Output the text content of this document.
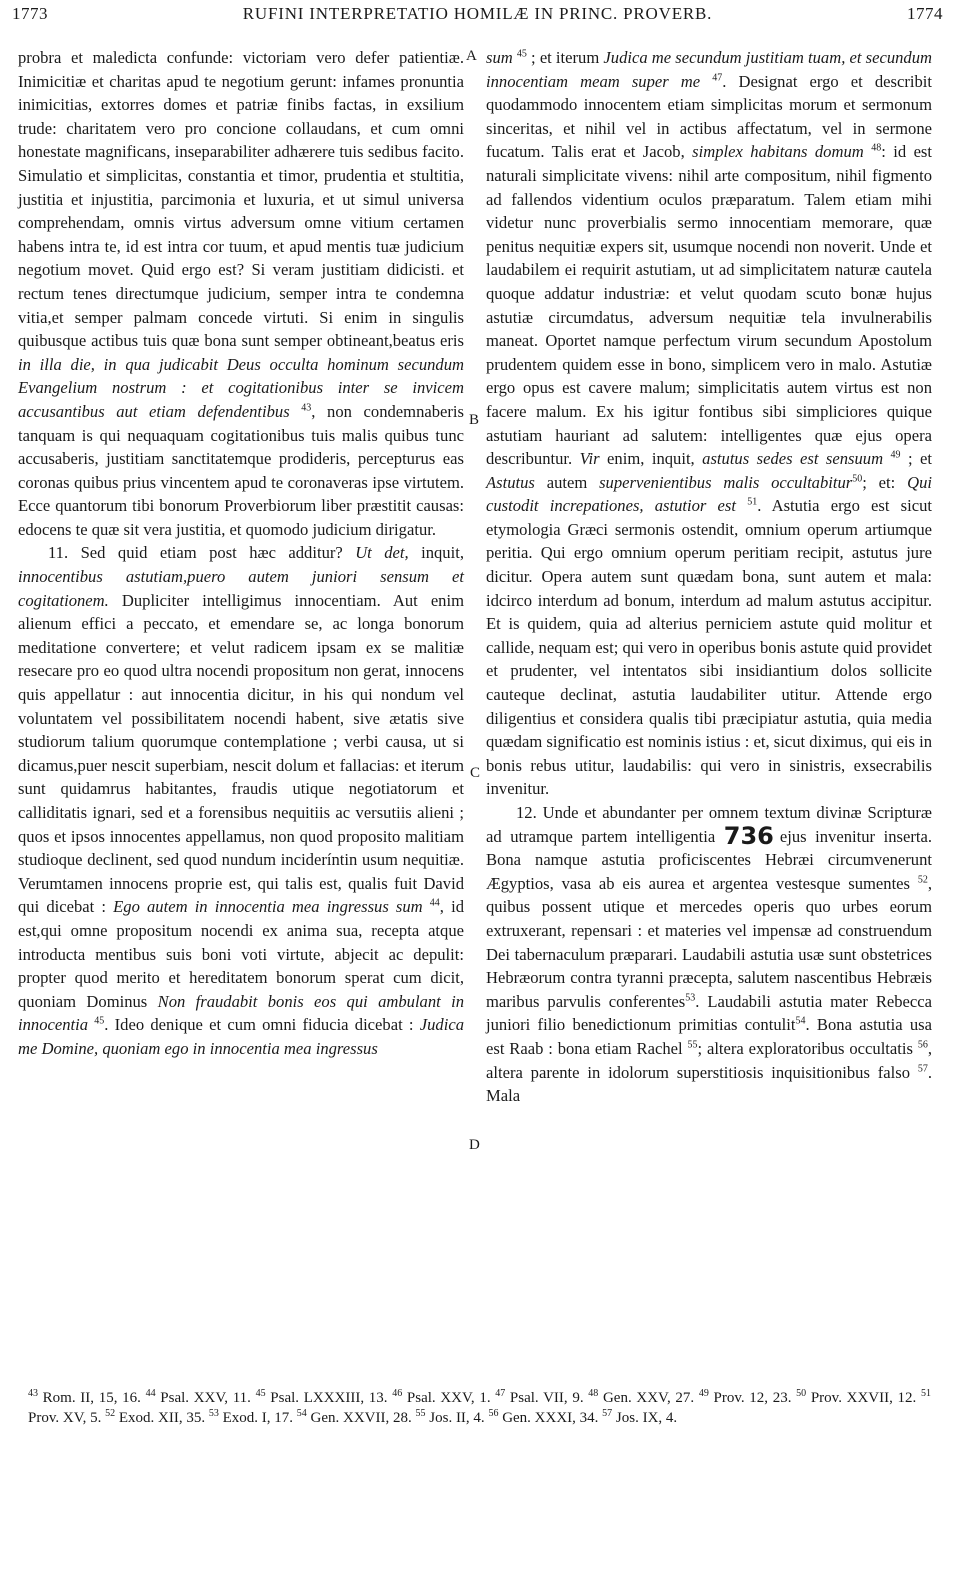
1773	RUFINI INTERPRETATIO HOMILÆ IN PRINC. PROVERB.	1774
A
B
C
D

probra et maledicta confunde: victoriam vero defer patientiæ. Inimicitiæ et charitas apud te negotium gerunt: infames pronuntia inimicitias, extorres domes et patriæ finibs factas, in exsilium trude: charitatem vero pro concione collaudans, et cum omni honestate magnificans, inseparabiliter adhærere tuis sedibus facito. Simulatio et simplicitas, constantia et timor, prudentia et stultitia, justitia et injustitia, parcimonia et luxuria, et ut simul universa comprehendam, omnis virtus adversum omne vitium certamen habens intra te, id est intra cor tuum, et apud mentis tuæ judicium negotium movet. Quid ergo est? Si veram justitiam didicisti. et rectum tenes directumque judicium, semper intra te condemna vitia,et semper palmam concede virtuti. Si enim in singulis quibusque actibus tuis quæ bona sunt semper obtineant,beatus eris in illa die, in qua judicabit Deus occulta hominum secundum Evangelium nostrum : et cogitationibus inter se invicem accusantibus aut etiam defendentibus $^{43}$, non condemnaberis tanquam is qui nequaquam cogitationibus tuis malis quibus tunc accusaberis, justitiam sanctitatemque prodideris, percepturus eas coronas quibus prius vincentem apud te coronaveras ipse virtutem. Ecce quantorum tibi bonorum Proverbiorum liber præstitit causas: edocens te quæ sit vera justitia, et quomodo judicium dirigatur.

11. Sed quid etiam post hæc additur? Ut det, inquit, innocentibus astutiam,puero autem juniori sensum et cogitationem. Dupliciter intelligimus innocentiam. Aut enim alienum effici a peccato, et emendare se, ac longa bonorum meditatione convertere; et velut radicem ipsam ex se malitiæ resecare pro eo quod ultra nocendi propositum non gerat, innocens quis appellatur : aut innocentia dicitur, in his qui nondum vel voluntatem vel possibilitatem nocendi habent, sive ætatis sive studiorum talium quorumque contemplatione ; verbi causa, ut si dicamus,puer nescit superbiam, nescit dolum et fallacias: et iterum sunt quidamrus habitantes, fraudis utique negotiatorum et calliditatis ignari, sed et a forensibus nequitiis ac versutiis alieni ; quos et ipsos innocentes appellamus, non quod proposito malitiam studioque declinent, sed quod nundum incideríntin usum nequitiæ. Verumtamen innocens proprie est, qui talis est, qualis fuit David qui dicebat : Ego autem in innocentia mea ingressus sum $^{44}$, id est,qui omne propositum nocendi ex anima sua, recepta atque introducta mentibus suis boni voti virtute, abjecit ac depulit: propter quod merito et hereditatem bonorum sperat cum dicit, quoniam Dominus Non fraudabit bonis eos qui ambulant in innocentia $^{45}$. Ideo denique et cum omni fiducia dicebat : Judica me Domine, quoniam ego in innocentia mea ingressus

sum $^{45}$ ; et iterum Judica me secundum justitiam tuam, et secundum innocentiam meam super me $^{47}$. Designat ergo et describit quodammodo innocentem etiam simplicitas morum et sermonum sinceritas, et nihil vel in actibus affectatum, vel in sermone fucatum. Talis erat et Jacob, simplex habitans domum $^{48}$: id est naturali simplicitate vivens: nihil arte compositum, nihil figmento ad fallendos videntium oculos præparatum. Talem etiam mihi videtur nunc proverbialis sermo innocentiam memorare, quæ penitus nequitiæ expers sit, usumque nocendi non noverit. Unde et laudabilem ei requirit astutiam, ut ad simplicitatem naturæ cautela quoque addatur industriæ: et velut quodam scuto bonæ hujus astutiæ circumdatus, adversum nequitiæ tela invulnerabilis maneat. Oportet namque perfectum virum secundum Apostolum prudentem quidem esse in bono, simplicem vero in malo. Astutiæ ergo opus est cavere malum; simplicitatis autem virtus est non facere malum. Ex his igitur fontibus sibi simpliciores quique astutiam hauriant ad salutem: intelligentes quæ ejus opera describuntur. Vir enim, inquit, astutus sedes est sensuum $^{49}$ ; et Astutus autem supervenientibus malis occultabitur$^{50}$; et: Qui custodit increpationes, astutior est $^{51}$. Astutia ergo est sicut etymologia Græci sermonis ostendit, omnium operum artiumque peritia. Qui ergo omnium operum peritiam recipit, astutus jure dicitur. Opera autem sunt quædam bona, sunt autem et mala: idcirco interdum ad bonum, interdum ad malum astutus accipitur. Et is quidem, quia ad alterius perniciem astute quid molitur et callide, nequam est; qui vero in operibus bonis astute quid providet et prudenter, vel intentatos sibi insidiantium dolos sollicite cauteque declinat, astutia laudabiliter utitur. Attende ergo diligentius et considera qualis tibi præcipiatur astutia, quia media quædam significatio est nominis istius : et, sicut diximus, qui eis in bonis rebus utitur, laudabilis: qui vero in sinistris, exsecrabilis invenitur.

12. Unde et abundanter per omnem textum divinæ Scripturæ ad utramque partem intelligentia 736 ejus invenitur inserta. Bona namque astutia proficiscentes Hebræi circumvenerunt Ægyptios, vasa ab eis aurea et argentea vestesque sumentes $^{52}$, quibus possent utique et mercedes operis quo urbes eorum extruxerant, repensari : et materies vel impensæ ad construendum Dei tabernaculum præparari. Laudabili astutia usæ sunt obstetrices Hebræorum contra tyranni præcepta, salutem nascentibus Hebræis maribus parvulis conferentes$^{53}$. Laudabili astutia mater Rebecca juniori filio benedictionum primitias contulit$^{54}$. Bona astutia usa est Raab : bona etiam Rachel $^{55}$; altera exploratoribus occultatis $^{56}$, altera parente in idolorum superstitiosis inquisitionibus falso $^{57}$. Mala

$^{43}$ Rom. II, 15, 16. $^{44}$ Psal. XXV, 11. $^{45}$ Psal. LXXXIII, 13. $^{46}$ Psal. XXV, 1. $^{47}$ Psal. VII, 9. $^{48}$ Gen. XXV, 27. $^{49}$ Prov. 12, 23. $^{50}$ Prov. XXVII, 12. $^{51}$ Prov. XV, 5. $^{52}$ Exod. XII, 35. $^{53}$ Exod. I, 17. $^{54}$ Gen. XXVII, 28. $^{55}$ Jos. II, 4. $^{56}$ Gen. XXXI, 34. $^{57}$ Jos. IX, 4.
